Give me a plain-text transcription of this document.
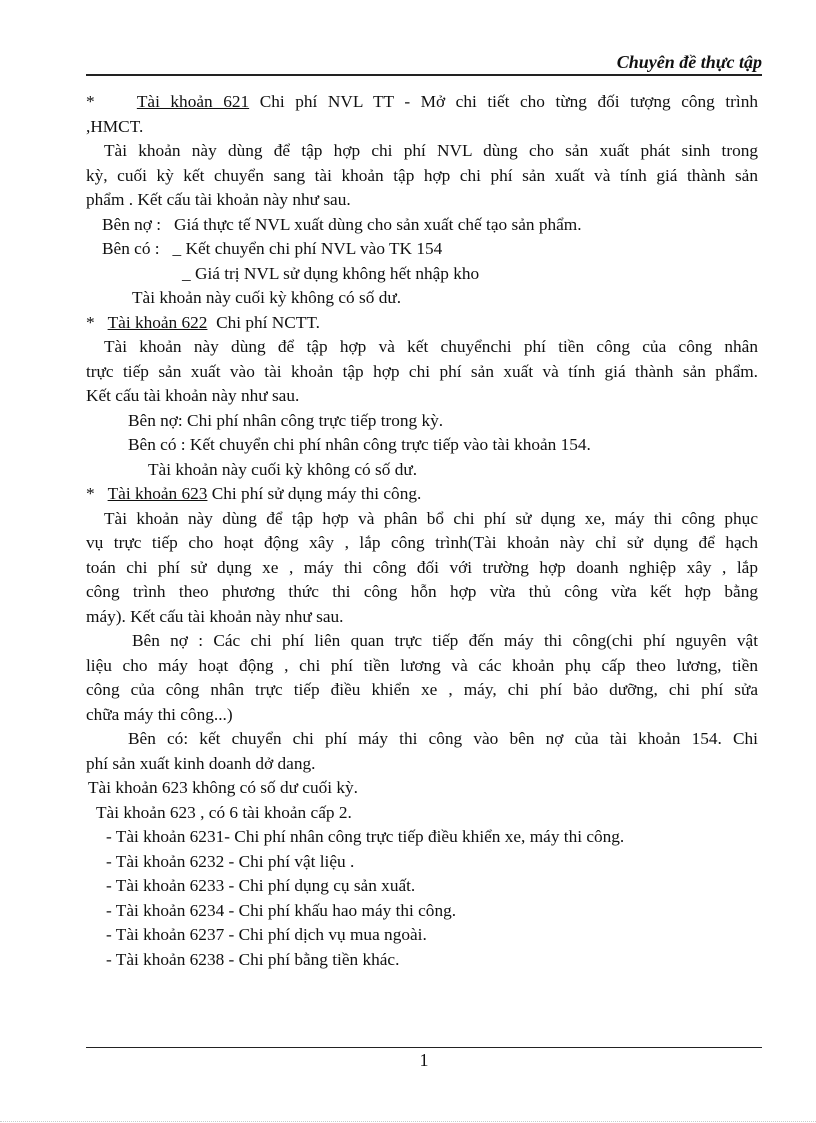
Chuyên đề thực tập
* Tài khoản 621 Chi phí NVL TT - Mở chi tiết cho từng đối tượng công trình
,HMCT.
Tài khoản này dùng để tập hợp chi phí NVL dùng cho sản xuất phát sinh trong
kỳ, cuối kỳ kết chuyển sang tài khoản tập hợp chi phí sản xuất và tính giá thành sản
phẩm . Kết cấu tài khoản này như sau.
Bên nợ :   Giá thực tế NVL xuất dùng cho sản xuất chế tạo sản phẩm.
Bên có :   _ Kết chuyển chi phí NVL vào TK 154
_ Giá trị NVL sử dụng không hết nhập kho
Tài khoản này cuối kỳ không có số dư.
* Tài khoản 622 Chi phí NCTT.
Tài khoản này dùng để tập hợp và kết chuyểnchi phí tiền công của công nhân
trực tiếp sản xuất vào tài khoản tập hợp chi phí sản xuất và tính giá thành sản phẩm.
Kết cấu tài khoản này như sau.
Bên nợ: Chi phí nhân công trực tiếp trong kỳ.
Bên có : Kết chuyển chi phí nhân công trực tiếp vào tài khoản 154.
Tài khoản này cuối kỳ không có số dư.
* Tài khoản 623 Chi phí sử dụng máy thi công.
Tài khoản này dùng để tập hợp và phân bổ chi phí sử dụng xe, máy thi công phục
vụ trực tiếp cho hoạt động xây , lắp công trình(Tài khoản này chỉ sử dụng để hạch
toán chi phí sử dụng xe , máy thi công đối với trường hợp doanh nghiệp xây , lắp
công trình theo phương thức thi công hỗn hợp vừa thủ công vừa kết hợp bằng
máy). Kết cấu tài khoản này như sau.
Bên nợ : Các chi phí liên quan trực tiếp đến máy thi công(chi phí nguyên vật
liệu cho máy hoạt động , chi phí tiền lương và các khoản phụ cấp theo lương, tiền
công của công nhân trực tiếp điều khiển xe , máy, chi phí bảo dưỡng, chi phí sửa
chữa máy thi công...)
Bên có: kết chuyển chi phí máy thi công vào bên nợ của tài khoản 154. Chi
phí sản xuất kinh doanh dở dang.
Tài khoản 623 không có số dư cuối kỳ.
Tài khoản 623 , có 6 tài khoản cấp 2.
- Tài khoản 6231- Chi phí nhân công trực tiếp điều khiển xe, máy thi công.
- Tài khoản 6232 - Chi phí vật liệu .
- Tài khoản 6233 - Chi phí dụng cụ sản xuất.
- Tài khoản 6234 - Chi phí khấu hao máy thi công.
- Tài khoản 6237 - Chi phí dịch vụ mua ngoài.
- Tài khoản 6238 - Chi phí bằng tiền khác.
1
